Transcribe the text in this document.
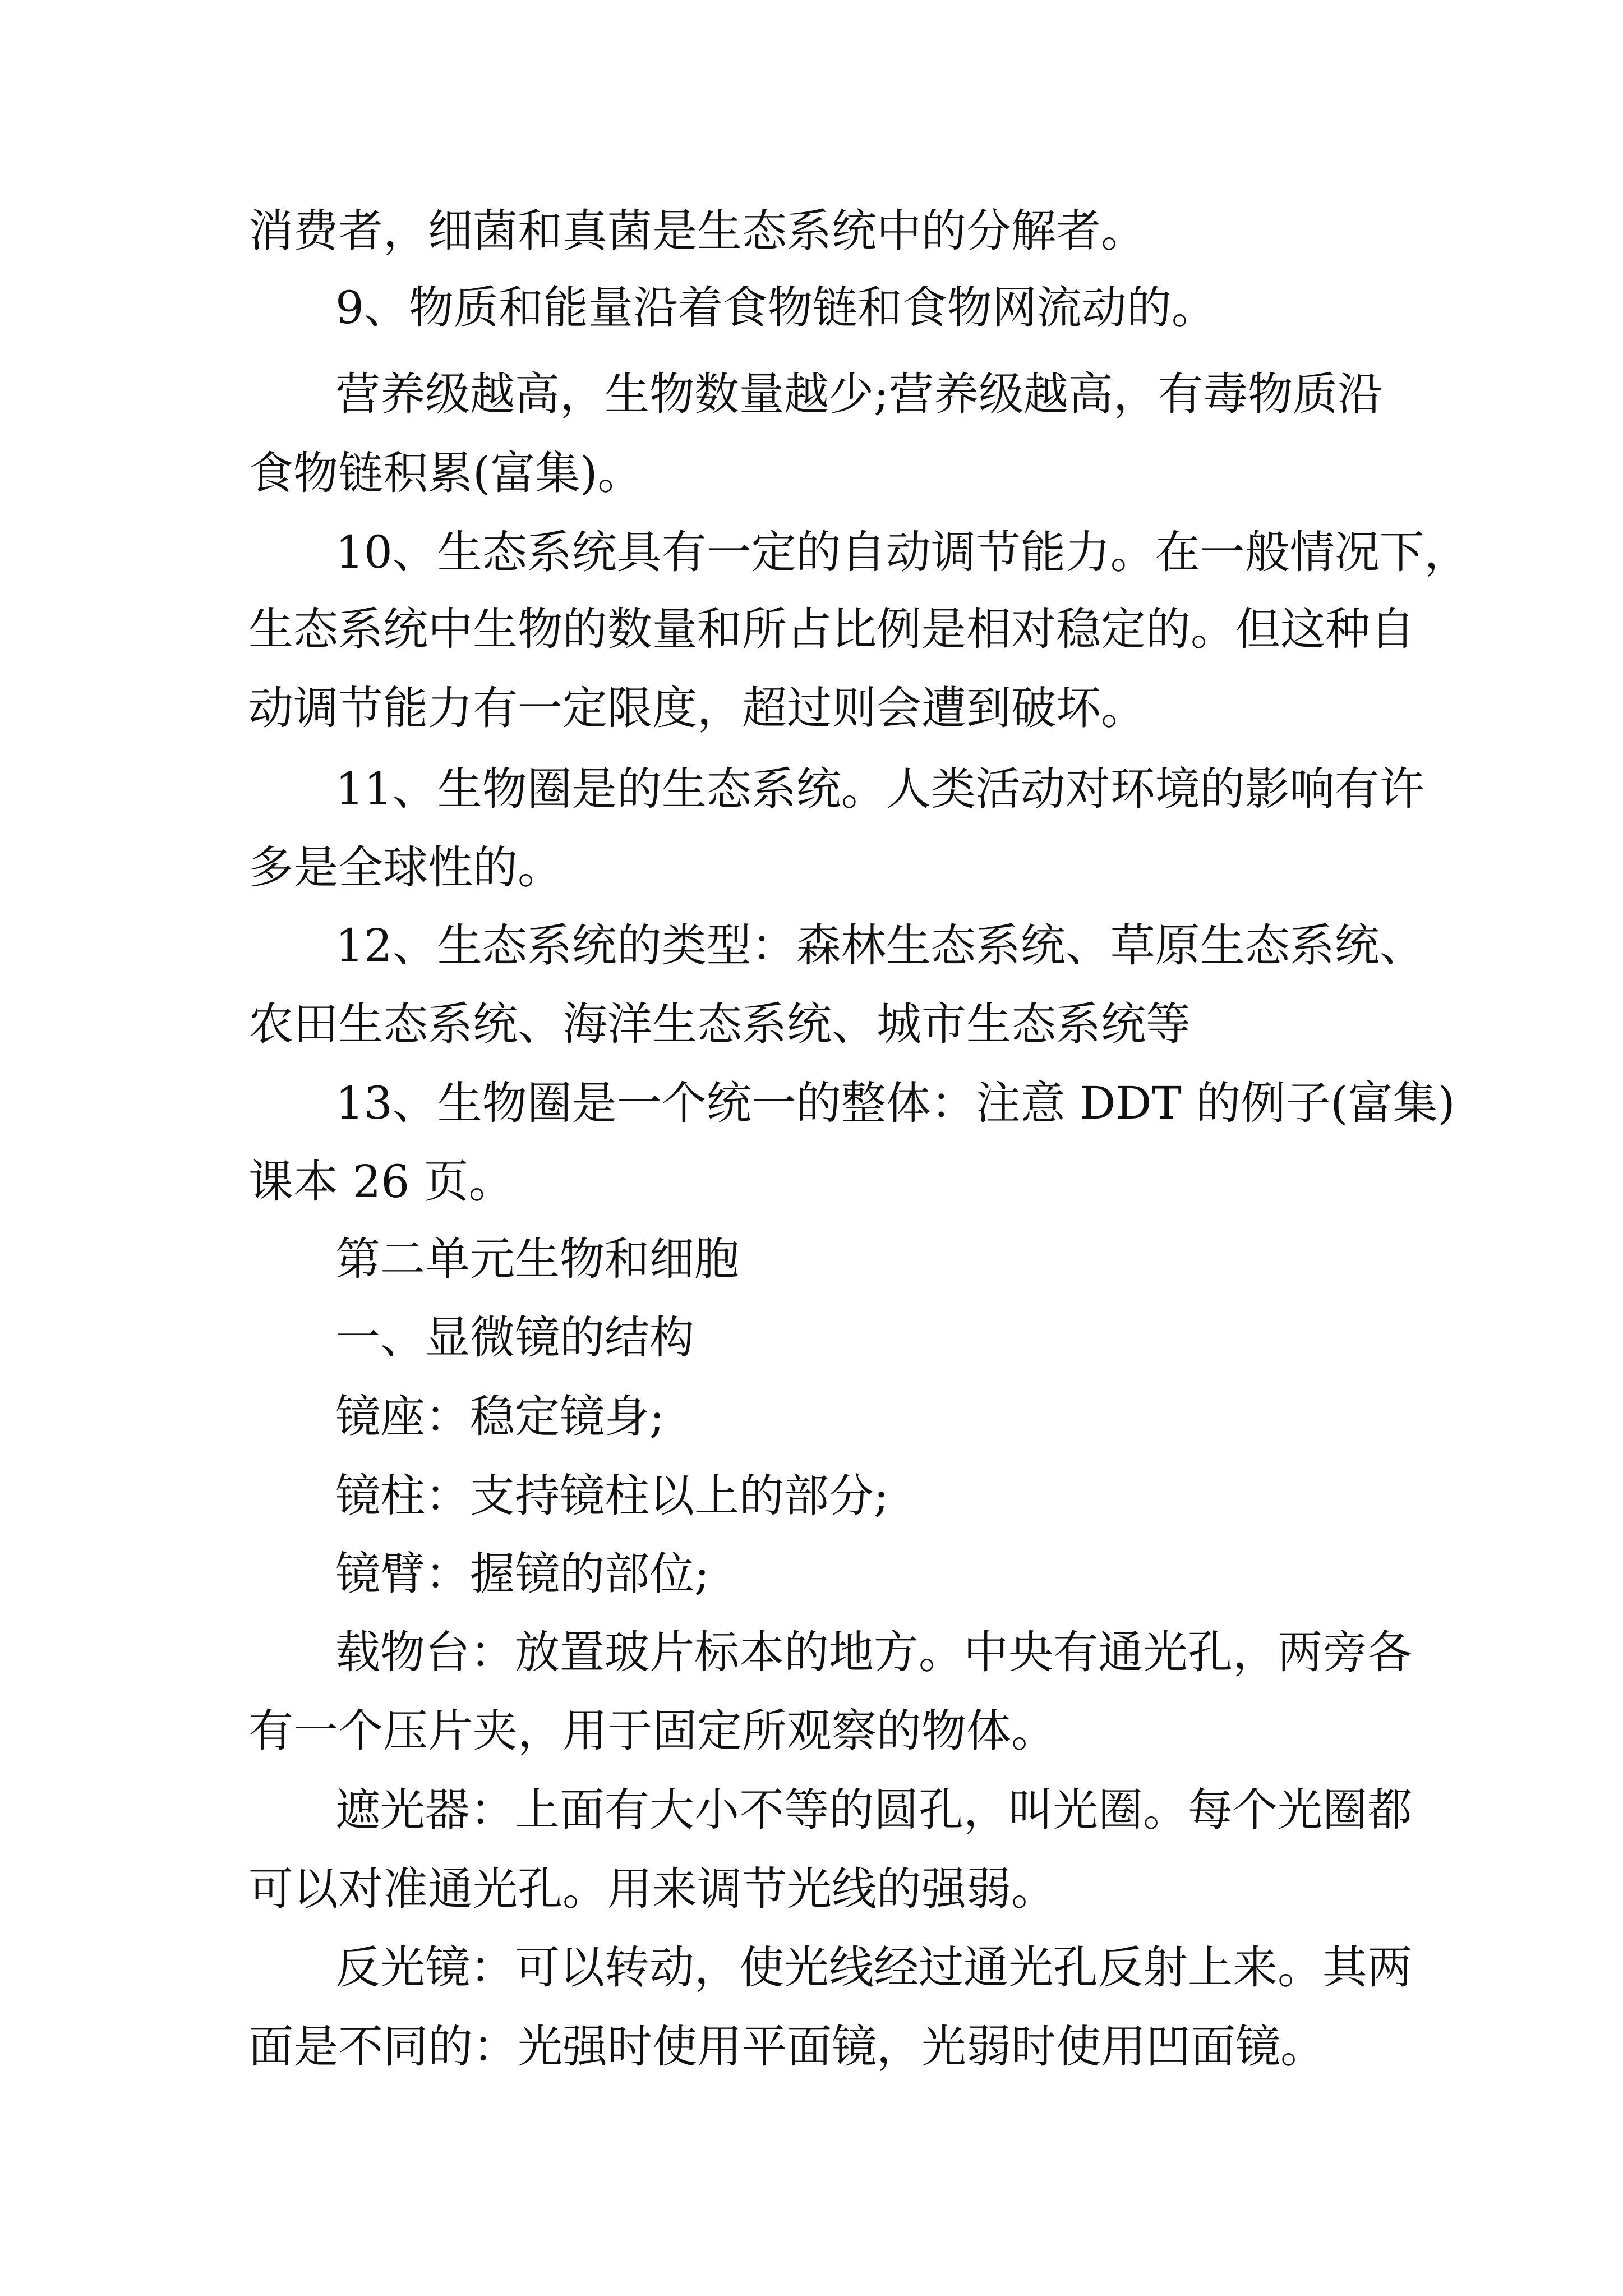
消费者，细菌和真菌是生态系统中的分解者。

9、物质和能量沿着食物链和食物网流动的。

营养级越高，生物数量越少;营养级越高，有毒物质沿

食物链积累(富集)。

10、生态系统具有一定的自动调节能力。在一般情况下，

生态系统中生物的数量和所占比例是相对稳定的。但这种自

动调节能力有一定限度，超过则会遭到破坏。

11、生物圈是的生态系统。人类活动对环境的影响有许

多是全球性的。

12、生态系统的类型：森林生态系统、草原生态系统、

农田生态系统、海洋生态系统、城市生态系统等

13、生物圈是一个统一的整体：注意 DDT 的例子(富集)

课本 26 页。

第二单元生物和细胞

一、显微镜的结构

镜座：稳定镜身;

镜柱：支持镜柱以上的部分;

镜臂：握镜的部位;

载物台：放置玻片标本的地方。中央有通光孔，两旁各

有一个压片夹，用于固定所观察的物体。

遮光器：上面有大小不等的圆孔，叫光圈。每个光圈都

可以对准通光孔。用来调节光线的强弱。

反光镜：可以转动，使光线经过通光孔反射上来。其两

面是不同的：光强时使用平面镜，光弱时使用凹面镜。
